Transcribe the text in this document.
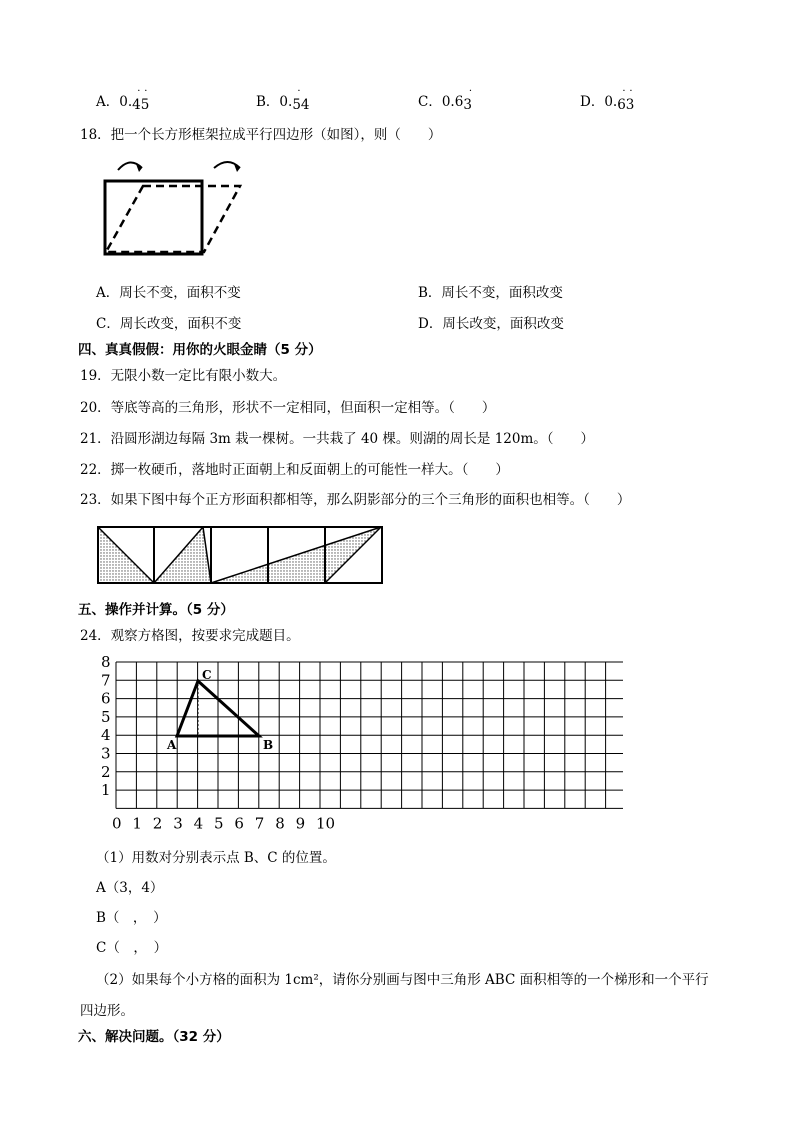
A．0.45
· ·
B．0.54
·
C．0.63
·
D．0.63
· ·
18．把一个长方形框架拉成平行四边形（如图），则（　　）
A．周长不变，面积不变	B．周长不变，面积改变
C．周长改变，面积不变	D．周长改变，面积改变
四、真真假假：用你的火眼金睛（5 分）
19．无限小数一定比有限小数大。
20．等底等高的三角形，形状不一定相同，但面积一定相等。（　　）
21．沿圆形湖边每隔 3m 栽一棵树。一共栽了 40 棵。则湖的周长是 120m。（　　）
22．掷一枚硬币，落地时正面朝上和反面朝上的可能性一样大。（　　）
23．如果下图中每个正方形面积都相等，那么阴影部分的三个三角形的面积也相等。（　　）
五、操作并计算。（5 分）
24．观察方格图，按要求完成题目。
8
7
6
5
4
3
2
1
0 1 2 3 4 5 6 7 8 9 10
A	B
C
（1）用数对分别表示点 B、C 的位置。
A（3，4）
B（　，　）
C（　，　）
（2）如果每个小方格的面积为 1cm²，请你分别画与图中三角形 ABC 面积相等的一个梯形和一个平行
四边形。
六、解决问题。（32 分）
